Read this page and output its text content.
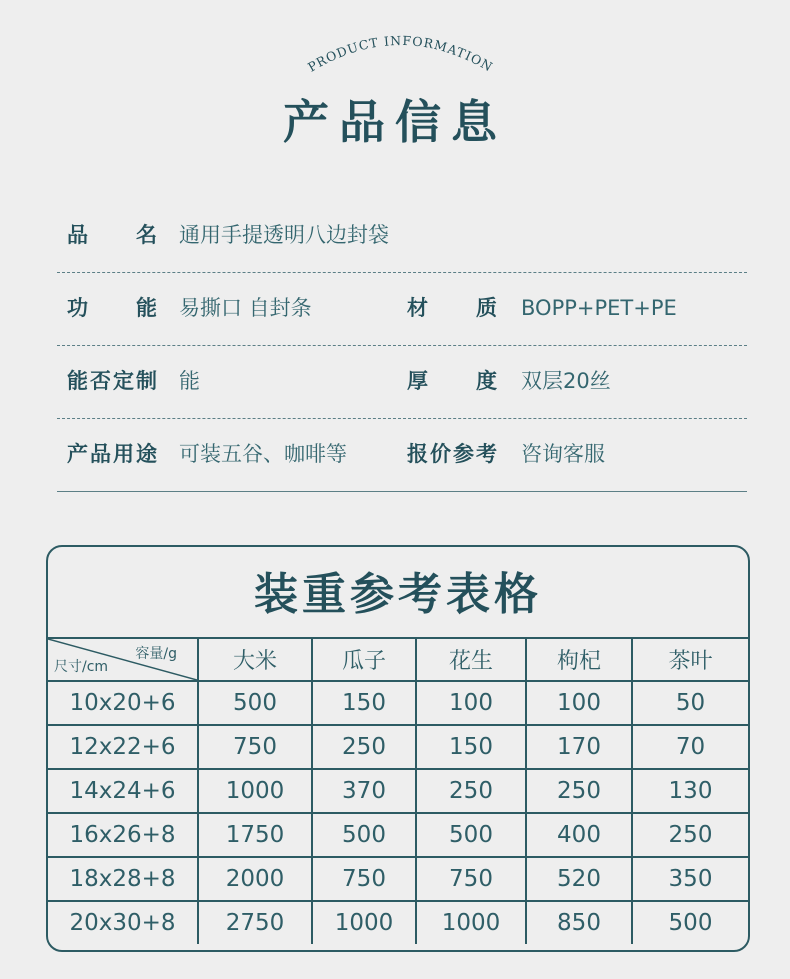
PRODUCT INFORMATION
产品信息
品名 通用手提透明八边封袋
功能 易撕口 自封条	材质 BOPP+PET+PE
能否定制 能	厚度 双层20丝
产品用途 可装五谷、咖啡等	报价参考 咨询客服
装重参考表格
容量/g
尺寸/cm	大米	瓜子	花生	枸杞	茶叶
10x20+6	500	150	100	100	50
12x22+6	750	250	150	170	70
14x24+6	1000	370	250	250	130
16x26+8	1750	500	500	400	250
18x28+8	2000	750	750	520	350
20x30+8	2750	1000	1000	850	500
